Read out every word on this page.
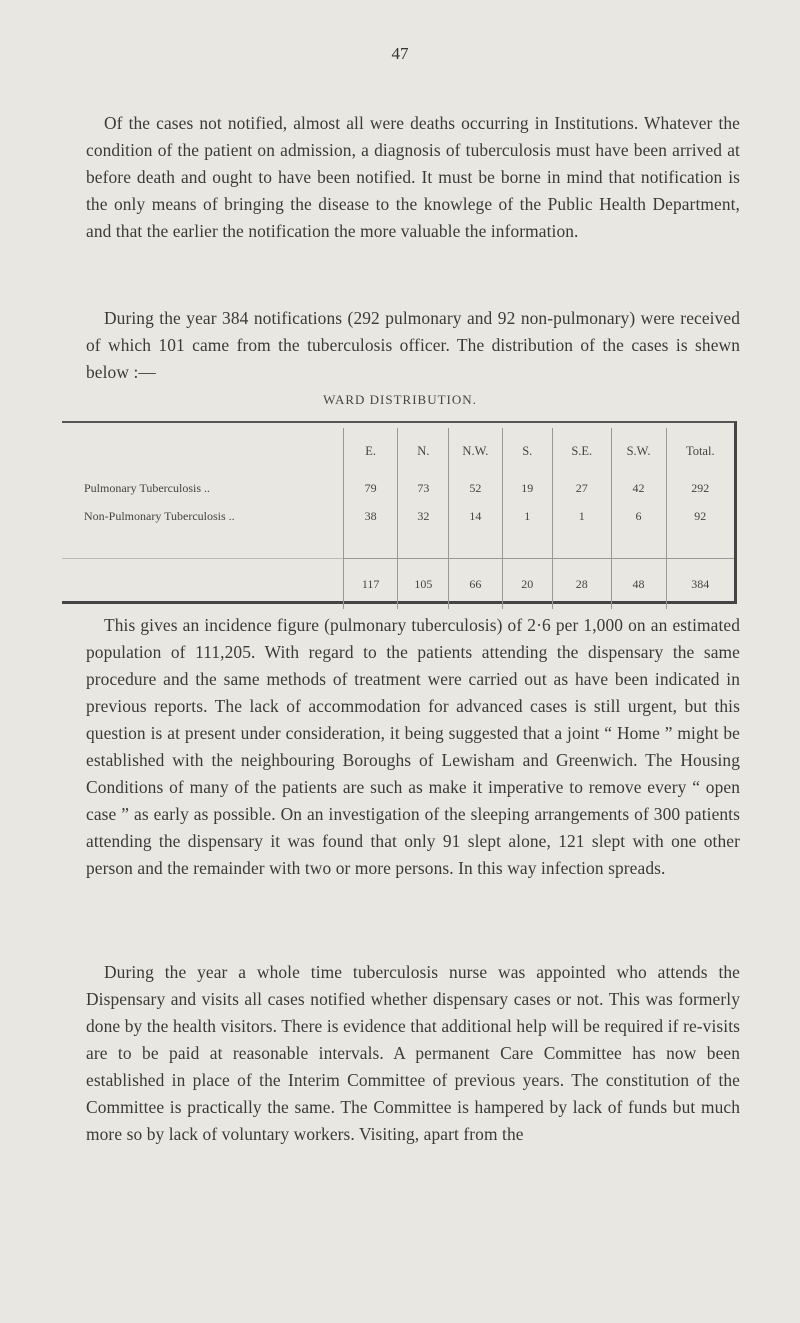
47

Of the cases not notified, almost all were deaths occurring in Institutions. Whatever the condition of the patient on admission, a diagnosis of tuberculosis must have been arrived at before death and ought to have been notified. It must be borne in mind that notification is the only means of bringing the disease to the knowlege of the Public Health Department, and that the earlier the notification the more valuable the information.

During the year 384 notifications (292 pulmonary and 92 non-pulmonary) were received of which 101 came from the tuberculosis officer. The distribution of the cases is shewn below :—

WARD DISTRIBUTION.
	E.	N.	N.W.	S.	S.E.	S.W.	Total.
Pulmonary Tuberculosis ..	79	73	52	19	27	42	292
Non-Pulmonary Tuberculosis ..	38	32	14	1	1	6	92

	117	105	66	20	28	48	384

This gives an incidence figure (pulmonary tuberculosis) of 2·6 per 1,000 on an estimated population of 111,205. With regard to the patients attending the dispensary the same procedure and the same methods of treatment were carried out as have been indicated in previous reports. The lack of accommodation for advanced cases is still urgent, but this question is at present under consideration, it being suggested that a joint “ Home ” might be established with the neighbouring Boroughs of Lewisham and Greenwich. The Housing Conditions of many of the patients are such as make it imperative to remove every “ open case ” as early as possible. On an investigation of the sleeping arrangements of 300 patients attending the dispensary it was found that only 91 slept alone, 121 slept with one other person and the remainder with two or more persons. In this way infection spreads.

During the year a whole time tuberculosis nurse was appointed who attends the Dispensary and visits all cases notified whether dispensary cases or not. This was formerly done by the health visitors. There is evidence that additional help will be required if re-visits are to be paid at reasonable intervals. A permanent Care Committee has now been established in place of the Interim Committee of previous years. The constitution of the Committee is practically the same. The Committee is hampered by lack of funds but much more so by lack of voluntary workers. Visiting, apart from the
